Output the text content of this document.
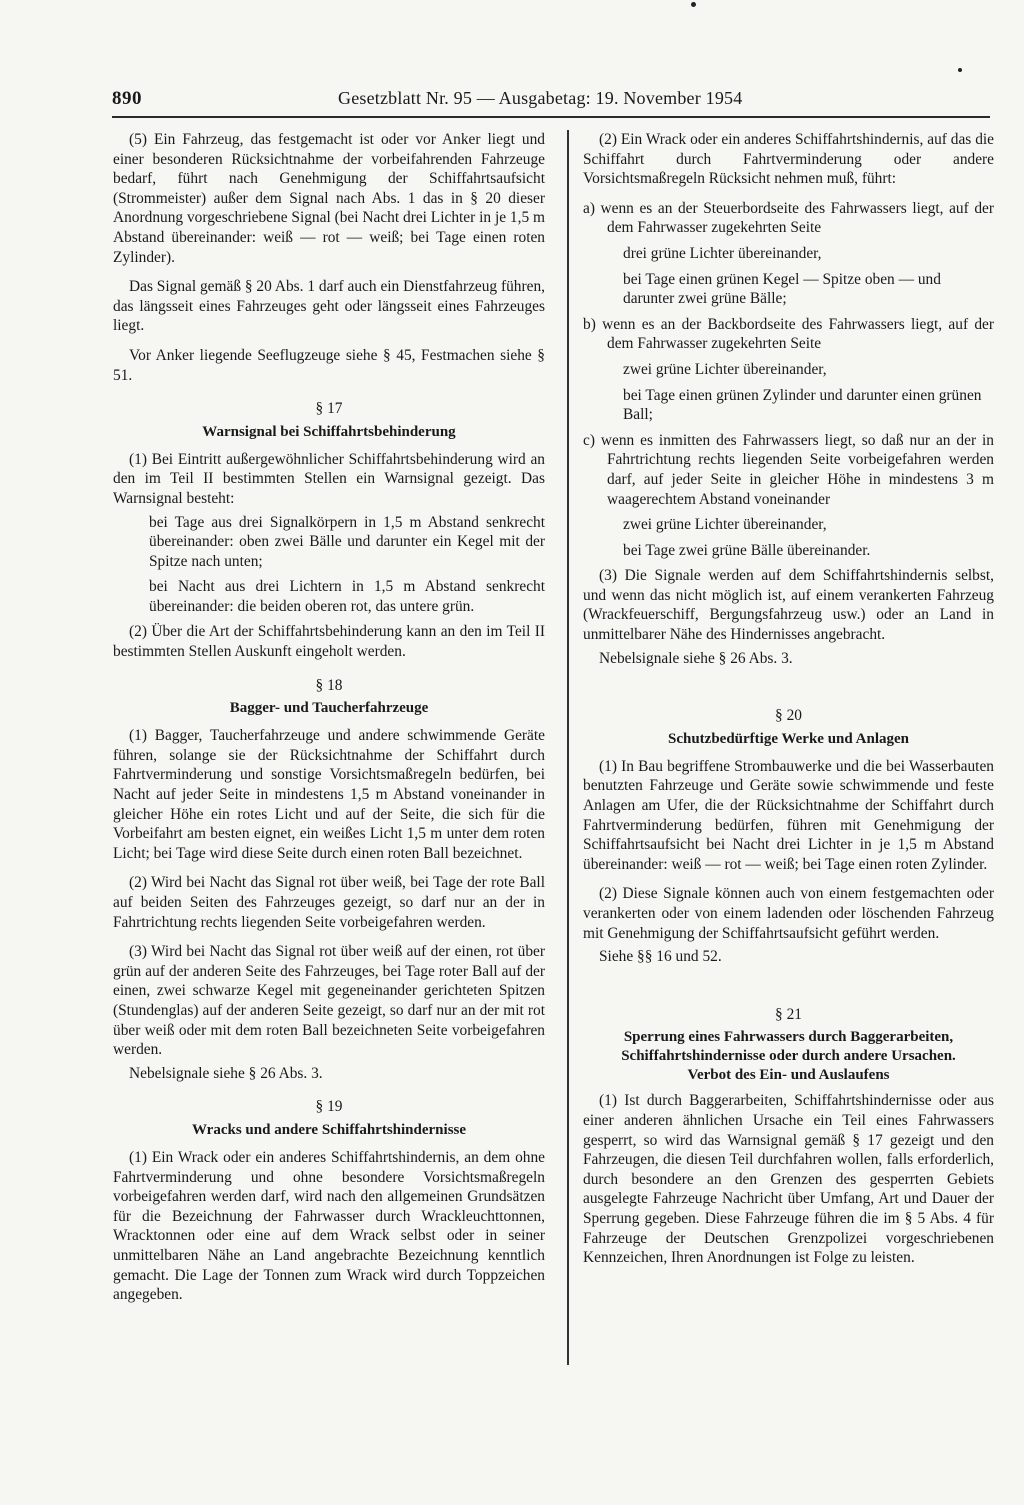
890	Gesetzblatt Nr. 95 — Ausgabetag: 19. November 1954

(5) Ein Fahrzeug, das festgemacht ist oder vor Anker liegt und einer besonderen Rücksichtnahme der vorbeifahrenden Fahrzeuge bedarf, führt nach Genehmigung der Schiffahrtsaufsicht (Strommeister) außer dem Signal nach Abs. 1 das in § 20 dieser Anordnung vorgeschriebene Signal (bei Nacht drei Lichter in je 1,5 m Abstand übereinander: weiß — rot — weiß; bei Tage einen roten Zylinder).

Das Signal gemäß § 20 Abs. 1 darf auch ein Dienstfahrzeug führen, das längsseit eines Fahrzeuges geht oder längsseit eines Fahrzeuges liegt.

Vor Anker liegende Seeflugzeuge siehe § 45, Festmachen siehe § 51.

§ 17
Warnsignal bei Schiffahrtsbehinderung

(1) Bei Eintritt außergewöhnlicher Schiffahrtsbehinderung wird an den im Teil II bestimmten Stellen ein Warnsignal gezeigt. Das Warnsignal besteht:

bei Tage aus drei Signalkörpern in 1,5 m Abstand senkrecht übereinander: oben zwei Bälle und darunter ein Kegel mit der Spitze nach unten;

bei Nacht aus drei Lichtern in 1,5 m Abstand senkrecht übereinander: die beiden oberen rot, das untere grün.

(2) Über die Art der Schiffahrtsbehinderung kann an den im Teil II bestimmten Stellen Auskunft eingeholt werden.

§ 18
Bagger- und Taucherfahrzeuge

(1) Bagger, Taucherfahrzeuge und andere schwimmende Geräte führen, solange sie der Rücksichtnahme der Schiffahrt durch Fahrtverminderung und sonstige Vorsichtsmaßregeln bedürfen, bei Nacht auf jeder Seite in mindestens 1,5 m Abstand voneinander in gleicher Höhe ein rotes Licht und auf der Seite, die sich für die Vorbeifahrt am besten eignet, ein weißes Licht 1,5 m unter dem roten Licht; bei Tage wird diese Seite durch einen roten Ball bezeichnet.

(2) Wird bei Nacht das Signal rot über weiß, bei Tage der rote Ball auf beiden Seiten des Fahrzeuges gezeigt, so darf nur an der in Fahrtrichtung rechts liegenden Seite vorbeigefahren werden.

(3) Wird bei Nacht das Signal rot über weiß auf der einen, rot über grün auf der anderen Seite des Fahrzeuges, bei Tage roter Ball auf der einen, zwei schwarze Kegel mit gegeneinander gerichteten Spitzen (Stundenglas) auf der anderen Seite gezeigt, so darf nur an der mit rot über weiß oder mit dem roten Ball bezeichneten Seite vorbeigefahren werden.

Nebelsignale siehe § 26 Abs. 3.

§ 19
Wracks und andere Schiffahrtshindernisse

(1) Ein Wrack oder ein anderes Schiffahrtshindernis, an dem ohne Fahrtverminderung und ohne besondere Vorsichtsmaßregeln vorbeigefahren werden darf, wird nach den allgemeinen Grundsätzen für die Bezeichnung der Fahrwasser durch Wrackleuchttonnen, Wracktonnen oder eine auf dem Wrack selbst oder in seiner unmittelbaren Nähe an Land angebrachte Bezeichnung kenntlich gemacht. Die Lage der Tonnen zum Wrack wird durch Toppzeichen angegeben.

(2) Ein Wrack oder ein anderes Schiffahrtshindernis, auf das die Schiffahrt durch Fahrtverminderung oder andere Vorsichtsmaßregeln Rücksicht nehmen muß, führt:

a) wenn es an der Steuerbordseite des Fahrwassers liegt, auf der dem Fahrwasser zugekehrten Seite

drei grüne Lichter übereinander,

bei Tage einen grünen Kegel — Spitze oben — und darunter zwei grüne Bälle;

b) wenn es an der Backbordseite des Fahrwassers liegt, auf der dem Fahrwasser zugekehrten Seite

zwei grüne Lichter übereinander,

bei Tage einen grünen Zylinder und darunter einen grünen Ball;

c) wenn es inmitten des Fahrwassers liegt, so daß nur an der in Fahrtrichtung rechts liegenden Seite vorbeigefahren werden darf, auf jeder Seite in gleicher Höhe in mindestens 3 m waagerechtem Abstand voneinander

zwei grüne Lichter übereinander,

bei Tage zwei grüne Bälle übereinander.

(3) Die Signale werden auf dem Schiffahrtshindernis selbst, und wenn das nicht möglich ist, auf einem verankerten Fahrzeug (Wrackfeuerschiff, Bergungsfahrzeug usw.) oder an Land in unmittelbarer Nähe des Hindernisses angebracht.

Nebelsignale siehe § 26 Abs. 3.

§ 20
Schutzbedürftige Werke und Anlagen

(1) In Bau begriffene Strombauwerke und die bei Wasserbauten benutzten Fahrzeuge und Geräte sowie schwimmende und feste Anlagen am Ufer, die der Rücksichtnahme der Schiffahrt durch Fahrtverminderung bedürfen, führen mit Genehmigung der Schiffahrtsaufsicht bei Nacht drei Lichter in je 1,5 m Abstand übereinander: weiß — rot — weiß; bei Tage einen roten Zylinder.

(2) Diese Signale können auch von einem festgemachten oder verankerten oder von einem ladenden oder löschenden Fahrzeug mit Genehmigung der Schiffahrtsaufsicht geführt werden.

Siehe §§ 16 und 52.

§ 21
Sperrung eines Fahrwassers durch Baggerarbeiten,
Schiffahrtshindernisse oder durch andere Ursachen.
Verbot des Ein- und Auslaufens

(1) Ist durch Baggerarbeiten, Schiffahrtshindernisse oder aus einer anderen ähnlichen Ursache ein Teil eines Fahrwassers gesperrt, so wird das Warnsignal gemäß § 17 gezeigt und den Fahrzeugen, die diesen Teil durchfahren wollen, falls erforderlich, durch besondere an den Grenzen des gesperrten Gebiets ausgelegte Fahrzeuge Nachricht über Umfang, Art und Dauer der Sperrung gegeben. Diese Fahrzeuge führen die im § 5 Abs. 4 für Fahrzeuge der Deutschen Grenzpolizei vorgeschriebenen Kennzeichen, Ihren Anordnungen ist Folge zu leisten.
